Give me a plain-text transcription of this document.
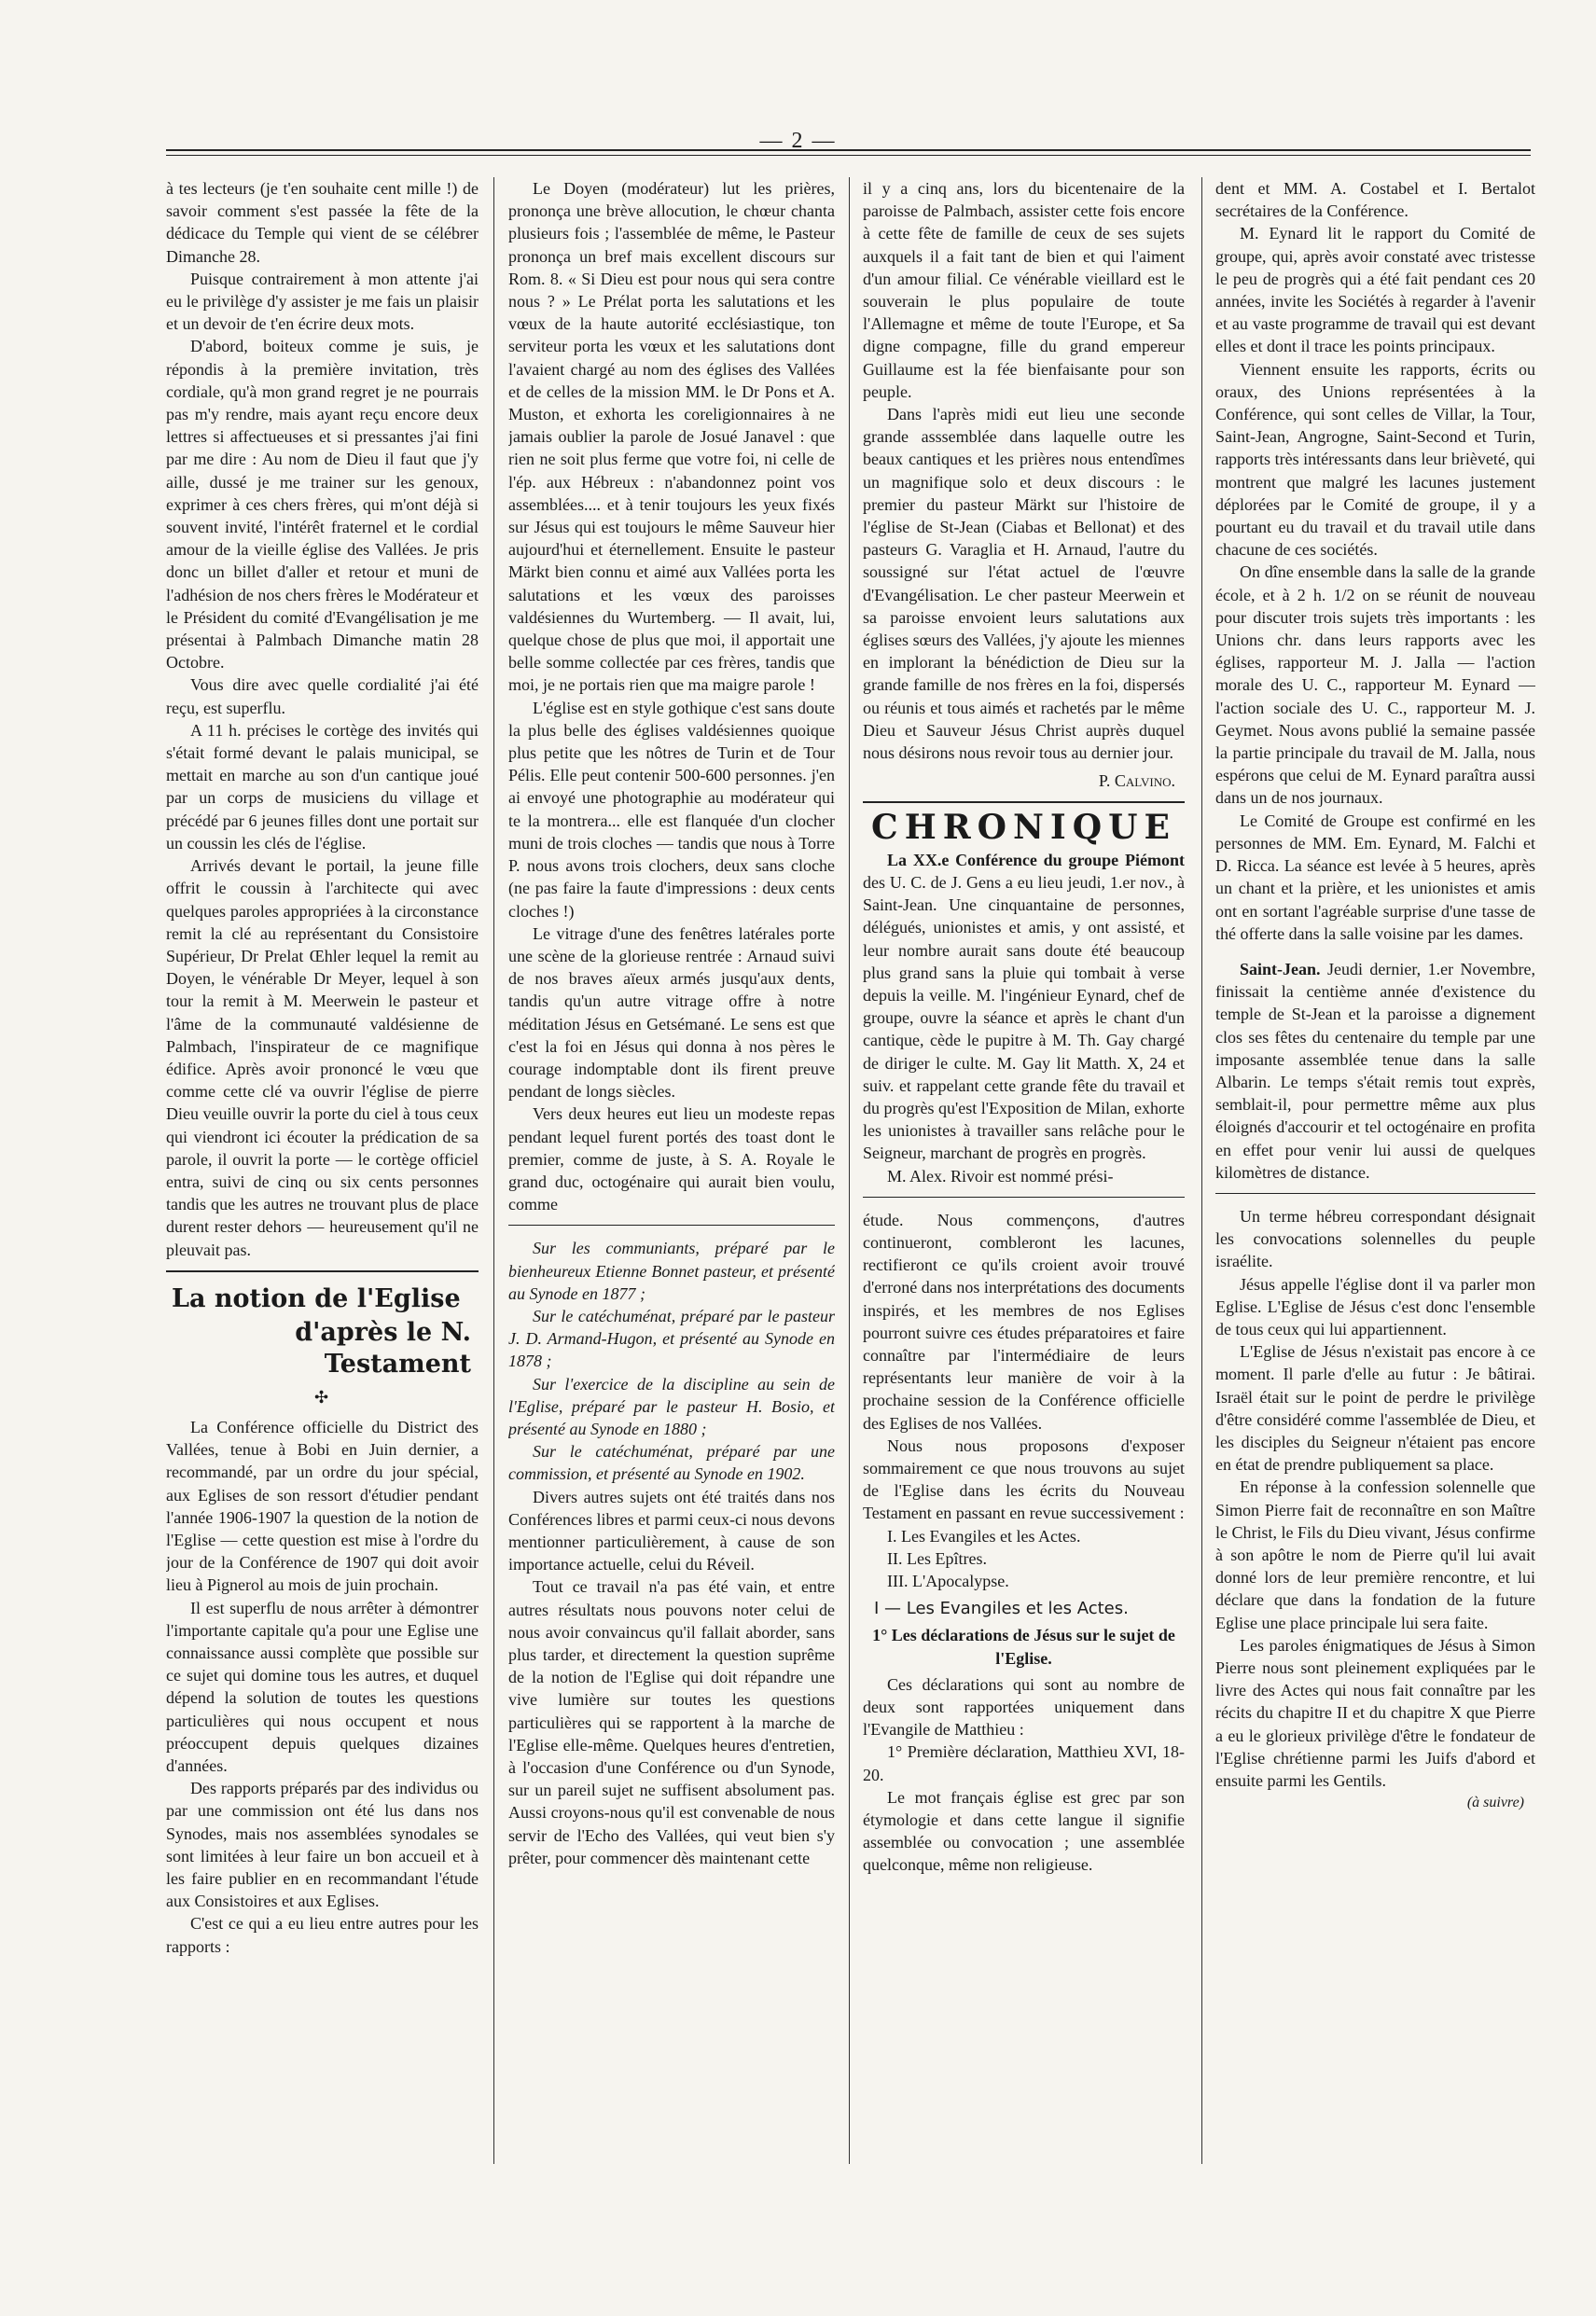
— 2 —

à tes lecteurs (je t'en souhaite cent mille !) de savoir comment s'est passée la fête de la dédicace du Temple qui vient de se célébrer Dimanche 28.

Puisque contrairement à mon attente j'ai eu le privilège d'y assister je me fais un plaisir et un devoir de t'en écrire deux mots.

D'abord, boiteux comme je suis, je répondis à la première invitation, très cordiale, qu'à mon grand regret je ne pourrais pas m'y rendre, mais ayant reçu encore deux lettres si affectueuses et si pressantes j'ai fini par me dire : Au nom de Dieu il faut que j'y aille, dussé je me trainer sur les genoux, exprimer à ces chers frères, qui m'ont déjà si souvent invité, l'intérêt fraternel et le cordial amour de la vieille église des Vallées. Je pris donc un billet d'aller et retour et muni de l'adhésion de nos chers frères le Modérateur et le Président du comité d'Evangélisation je me présentai à Palmbach Dimanche matin 28 Octobre.

Vous dire avec quelle cordialité j'ai été reçu, est superflu.

A 11 h. précises le cortège des invités qui s'était formé devant le palais municipal, se mettait en marche au son d'un cantique joué par un corps de musiciens du village et précédé par 6 jeunes filles dont une portait sur un coussin les clés de l'église.

Arrivés devant le portail, la jeune fille offrit le coussin à l'architecte qui avec quelques paroles appropriées à la circonstance remit la clé au représentant du Consistoire Supérieur, Dr Prelat Œhler lequel la remit au Doyen, le vénérable Dr Meyer, lequel à son tour la remit à M. Meerwein le pasteur et l'âme de la communauté valdésienne de Palmbach, l'inspirateur de ce magnifique édifice. Après avoir prononcé le vœu que comme cette clé va ouvrir l'église de pierre Dieu veuille ouvrir la porte du ciel à tous ceux qui viendront ici écouter la prédication de sa parole, il ouvrit la porte — le cortège officiel entra, suivi de cinq ou six cents personnes tandis que les autres ne trouvant plus de place durent rester dehors — heureusement qu'il ne pleuvait pas.

La notion de l'Eglise
d'après le N. Testament
✣

La Conférence officielle du District des Vallées, tenue à Bobi en Juin dernier, a recommandé, par un ordre du jour spécial, aux Eglises de son ressort d'étudier pendant l'année 1906-1907 la question de la notion de l'Eglise — cette question est mise à l'ordre du jour de la Conférence de 1907 qui doit avoir lieu à Pignerol au mois de juin prochain.

Il est superflu de nous arrêter à démontrer l'importante capitale qu'a pour une Eglise une connaissance aussi complète que possible sur ce sujet qui domine tous les autres, et duquel dépend la solution de toutes les questions particulières qui nous occupent et nous préoccupent depuis quelques dizaines d'années.

Des rapports préparés par des individus ou par une commission ont été lus dans nos Synodes, mais nos assemblées synodales se sont limitées à leur faire un bon accueil et à les faire publier en en recommandant l'étude aux Consistoires et aux Eglises.

C'est ce qui a eu lieu entre autres pour les rapports :

Le Doyen (modérateur) lut les prières, prononça une brève allocution, le chœur chanta plusieurs fois ; l'assemblée de même, le Pasteur prononça un bref mais excellent discours sur Rom. 8. « Si Dieu est pour nous qui sera contre nous ? » Le Prélat porta les salutations et les vœux de la haute autorité ecclésiastique, ton serviteur porta les vœux et les salutations dont l'avaient chargé au nom des églises des Vallées et de celles de la mission MM. le Dr Pons et A. Muston, et exhorta les coreligionnaires à ne jamais oublier la parole de Josué Janavel : que rien ne soit plus ferme que votre foi, ni celle de l'ép. aux Hébreux : n'abandonnez point vos assemblées.... et à tenir toujours les yeux fixés sur Jésus qui est toujours le même Sauveur hier aujourd'hui et éternellement. Ensuite le pasteur Märkt bien connu et aimé aux Vallées porta les salutations et les vœux des paroisses valdésiennes du Wurtemberg. — Il avait, lui, quelque chose de plus que moi, il apportait une belle somme collectée par ces frères, tandis que moi, je ne portais rien que ma maigre parole !

L'église est en style gothique c'est sans doute la plus belle des églises valdésiennes quoique plus petite que les nôtres de Turin et de Tour Pélis. Elle peut contenir 500-600 personnes. j'en ai envoyé une photographie au modérateur qui te la montrera... elle est flanquée d'un clocher muni de trois cloches — tandis que nous à Torre P. nous avons trois clochers, deux sans cloche (ne pas faire la faute d'impressions : deux cents cloches !)

Le vitrage d'une des fenêtres latérales porte une scène de la glorieuse rentrée : Arnaud suivi de nos braves aïeux armés jusqu'aux dents, tandis qu'un autre vitrage offre à notre méditation Jésus en Getsémané. Le sens est que c'est la foi en Jésus qui donna à nos pères le courage indomptable dont ils firent preuve pendant de longs siècles.

Vers deux heures eut lieu un modeste repas pendant lequel furent portés des toast dont le premier, comme de juste, à S. A. Royale le grand duc, octogénaire qui aurait bien voulu, comme

Sur les communiants, préparé par le bienheureux Etienne Bonnet pasteur, et présenté au Synode en 1877 ;

Sur le catéchuménat, préparé par le pasteur J. D. Armand-Hugon, et présenté au Synode en 1878 ;

Sur l'exercice de la discipline au sein de l'Eglise, préparé par le pasteur H. Bosio, et présenté au Synode en 1880 ;

Sur le catéchuménat, préparé par une commission, et présenté au Synode en 1902.

Divers autres sujets ont été traités dans nos Conférences libres et parmi ceux-ci nous devons mentionner particulièrement, à cause de son importance actuelle, celui du Réveil.

Tout ce travail n'a pas été vain, et entre autres résultats nous pouvons noter celui de nous avoir convaincus qu'il fallait aborder, sans plus tarder, et directement la question suprême de la notion de l'Eglise qui doit répandre une vive lumière sur toutes les questions particulières qui se rapportent à la marche de l'Eglise elle-même. Quelques heures d'entretien, à l'occasion d'une Conférence ou d'un Synode, sur un pareil sujet ne suffisent absolument pas. Aussi croyons-nous qu'il est convenable de nous servir de l'Echo des Vallées, qui veut bien s'y prêter, pour commencer dès maintenant cette

il y a cinq ans, lors du bicentenaire de la paroisse de Palmbach, assister cette fois encore à cette fête de famille de ceux de ses sujets auxquels il a fait tant de bien et qui l'aiment d'un amour filial. Ce vénérable vieillard est le souverain le plus populaire de toute l'Allemagne et même de toute l'Europe, et Sa digne compagne, fille du grand empereur Guillaume est la fée bienfaisante pour son peuple.

Dans l'après midi eut lieu une seconde grande asssemblée dans laquelle outre les beaux cantiques et les prières nous entendîmes un magnifique solo et deux discours : le premier du pasteur Märkt sur l'histoire de l'église de St-Jean (Ciabas et Bellonat) et des pasteurs G. Varaglia et H. Arnaud, l'autre du soussigné sur l'état actuel de l'œuvre d'Evangélisation. Le cher pasteur Meerwein et sa paroisse envoient leurs salutations aux églises sœurs des Vallées, j'y ajoute les miennes en implorant la bénédiction de Dieu sur la grande famille de nos frères en la foi, dispersés ou réunis et tous aimés et rachetés par le même Dieu et Sauveur Jésus Christ auprès duquel nous désirons nous revoir tous au dernier jour.

P. Calvino.
CHRONIQUE

La XX.e Conférence du groupe Piémont des U. C. de J. Gens a eu lieu jeudi, 1.er nov., à Saint-Jean. Une cinquantaine de personnes, délégués, unionistes et amis, y ont assisté, et leur nombre aurait sans doute été beaucoup plus grand sans la pluie qui tombait à verse depuis la veille. M. l'ingénieur Eynard, chef de groupe, ouvre la séance et après le chant d'un cantique, cède le pupitre à M. Th. Gay chargé de diriger le culte. M. Gay lit Matth. X, 24 et suiv. et rappelant cette grande fête du travail et du progrès qu'est l'Exposition de Milan, exhorte les unionistes à travailler sans relâche pour le Seigneur, marchant de progrès en progrès.

M. Alex. Rivoir est nommé prési-

étude. Nous commençons, d'autres continueront, combleront les lacunes, rectifieront ce qu'ils croient avoir trouvé d'erroné dans nos interprétations des documents inspirés, et les membres de nos Eglises pourront suivre ces études préparatoires et faire connaître par l'intermédiaire de leurs représentants leur manière de voir à la prochaine session de la Conférence officielle des Eglises de nos Vallées.

Nous nous proposons d'exposer sommairement ce que nous trouvons au sujet de l'Eglise dans les écrits du Nouveau Testament en passant en revue successivement :

I. Les Evangiles et les Actes.

II. Les Epîtres.

III. L'Apocalypse.

I — Les Evangiles et les Actes.

1° Les déclarations de Jésus sur le sujet de l'Eglise.

Ces déclarations qui sont au nombre de deux sont rapportées uniquement dans l'Evangile de Matthieu :

1° Première déclaration, Matthieu XVI, 18-20.

Le mot français église est grec par son étymologie et dans cette langue il signifie assemblée ou convocation ; une assemblée quelconque, même non religieuse.

dent et MM. A. Costabel et I. Bertalot secrétaires de la Conférence.

M. Eynard lit le rapport du Comité de groupe, qui, après avoir constaté avec tristesse le peu de progrès qui a été fait pendant ces 20 années, invite les Sociétés à regarder à l'avenir et au vaste programme de travail qui est devant elles et dont il trace les points principaux.

Viennent ensuite les rapports, écrits ou oraux, des Unions représentées à la Conférence, qui sont celles de Villar, la Tour, Saint-Jean, Angrogne, Saint-Second et Turin, rapports très intéressants dans leur brièveté, qui montrent que malgré les lacunes justement déplorées par le Comité de groupe, il y a pourtant eu du travail et du travail utile dans chacune de ces sociétés.

On dîne ensemble dans la salle de la grande école, et à 2 h. 1/2 on se réunit de nouveau pour discuter trois sujets très importants : les Unions chr. dans leurs rapports avec les églises, rapporteur M. J. Jalla — l'action morale des U. C., rapporteur M. Eynard — l'action sociale des U. C., rapporteur M. J. Geymet. Nous avons publié la semaine passée la partie principale du travail de M. Jalla, nous espérons que celui de M. Eynard paraîtra aussi dans un de nos journaux.

Le Comité de Groupe est confirmé en les personnes de MM. Em. Eynard, M. Falchi et D. Ricca. La séance est levée à 5 heures, après un chant et la prière, et les unionistes et amis ont en sortant l'agréable surprise d'une tasse de thé offerte dans la salle voisine par les dames.

Saint-Jean. Jeudi dernier, 1.er Novembre, finissait la centième année d'existence du temple de St-Jean et la paroisse a dignement clos ses fêtes du centenaire du temple par une imposante assemblée tenue dans la salle Albarin. Le temps s'était remis tout exprès, semblait-il, pour permettre même aux plus éloignés d'accourir et tel octogénaire en profita en effet pour venir lui aussi de quelques kilomètres de distance.

Un terme hébreu correspondant désignait les convocations solennelles du peuple israélite.

Jésus appelle l'église dont il va parler mon Eglise. L'Eglise de Jésus c'est donc l'ensemble de tous ceux qui lui appartiennent.

L'Eglise de Jésus n'existait pas encore à ce moment. Il parle d'elle au futur : Je bâtirai. Israël était sur le point de perdre le privilège d'être considéré comme l'assemblée de Dieu, et les disciples du Seigneur n'étaient pas encore en état de prendre publiquement sa place.

En réponse à la confession solennelle que Simon Pierre fait de reconnaître en son Maître le Christ, le Fils du Dieu vivant, Jésus confirme à son apôtre le nom de Pierre qu'il lui avait donné lors de leur première rencontre, et lui déclare que dans la fondation de la future Eglise une place principale lui sera faite.

Les paroles énigmatiques de Jésus à Simon Pierre nous sont pleinement expliquées par le livre des Actes qui nous fait connaître par les récits du chapitre II et du chapitre X que Pierre a eu le glorieux privilège d'être le fondateur de l'Eglise chrétienne parmi les Juifs d'abord et ensuite parmi les Gentils.

(à suivre)
